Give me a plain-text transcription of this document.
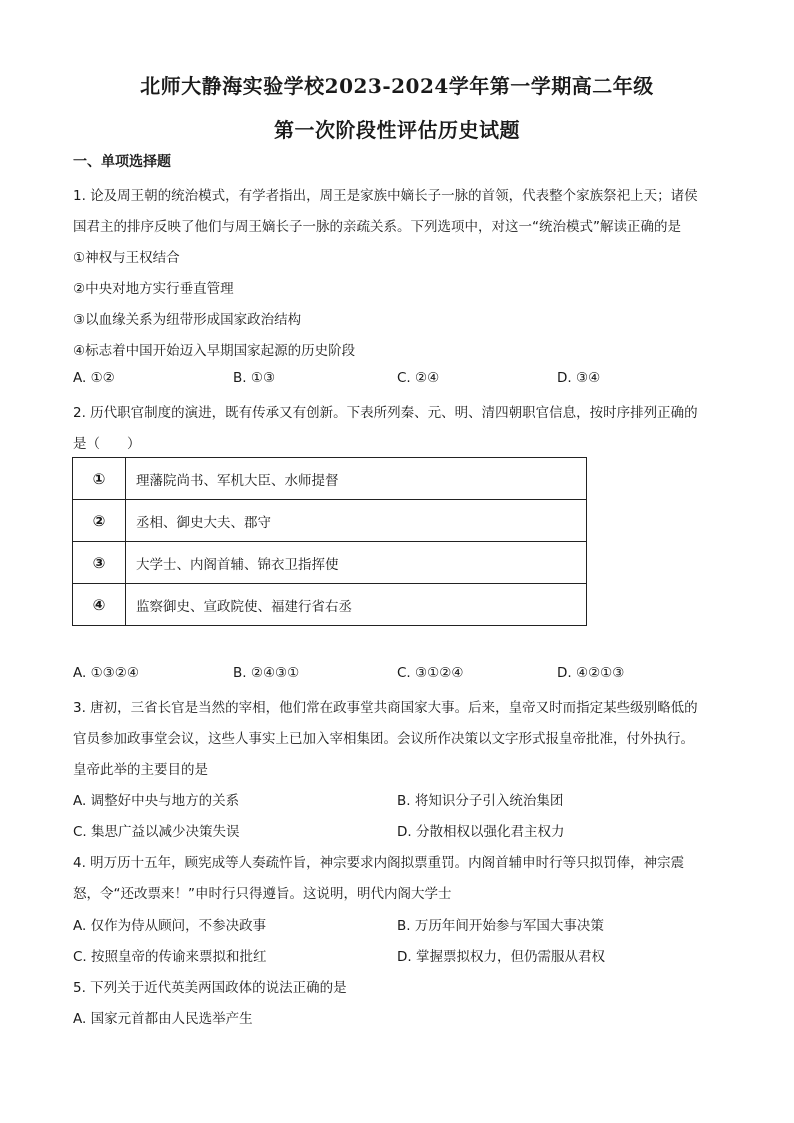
北师大静海实验学校2023-2024学年第一学期高二年级
第一次阶段性评估历史试题
一、单项选择题
1. 论及周王朝的统治模式，有学者指出，周王是家族中嫡长子一脉的首领，代表整个家族祭祀上天；诸侯
国君主的排序反映了他们与周王嫡长子一脉的亲疏关系。下列选项中，对这一“统治模式”解读正确的是
①神权与王权结合
②中央对地方实行垂直管理
③以血缘关系为纽带形成国家政治结构
④标志着中国开始迈入早期国家起源的历史阶段
A. ①②	B. ①③	C. ②④	D. ③④
2. 历代职官制度的演进，既有传承又有创新。下表所列秦、元、明、清四朝职官信息，按时序排列正确的
是（　　）
①	理藩院尚书、军机大臣、水师提督
②	丞相、御史大夫、郡守
③	大学士、内阁首辅、锦衣卫指挥使
④	监察御史、宣政院使、福建行省右丞
A. ①③②④	B. ②④③①	C. ③①②④	D. ④②①③
3. 唐初，三省长官是当然的宰相，他们常在政事堂共商国家大事。后来，皇帝又时而指定某些级别略低的
官员参加政事堂会议，这些人事实上已加入宰相集团。会议所作决策以文字形式报皇帝批准，付外执行。
皇帝此举的主要目的是
A. 调整好中央与地方的关系	B. 将知识分子引入统治集团
C. 集思广益以减少决策失误	D. 分散相权以强化君主权力
4. 明万历十五年，顾宪成等人奏疏忤旨，神宗要求内阁拟票重罚。内阁首辅申时行等只拟罚俸，神宗震
怒，令“还改票来！”申时行只得遵旨。这说明，明代内阁大学士
A. 仅作为侍从顾问，不参决政事	B. 万历年间开始参与军国大事决策
C. 按照皇帝的传谕来票拟和批红	D. 掌握票拟权力，但仍需服从君权
5. 下列关于近代英美两国政体的说法正确的是
A. 国家元首都由人民选举产生
